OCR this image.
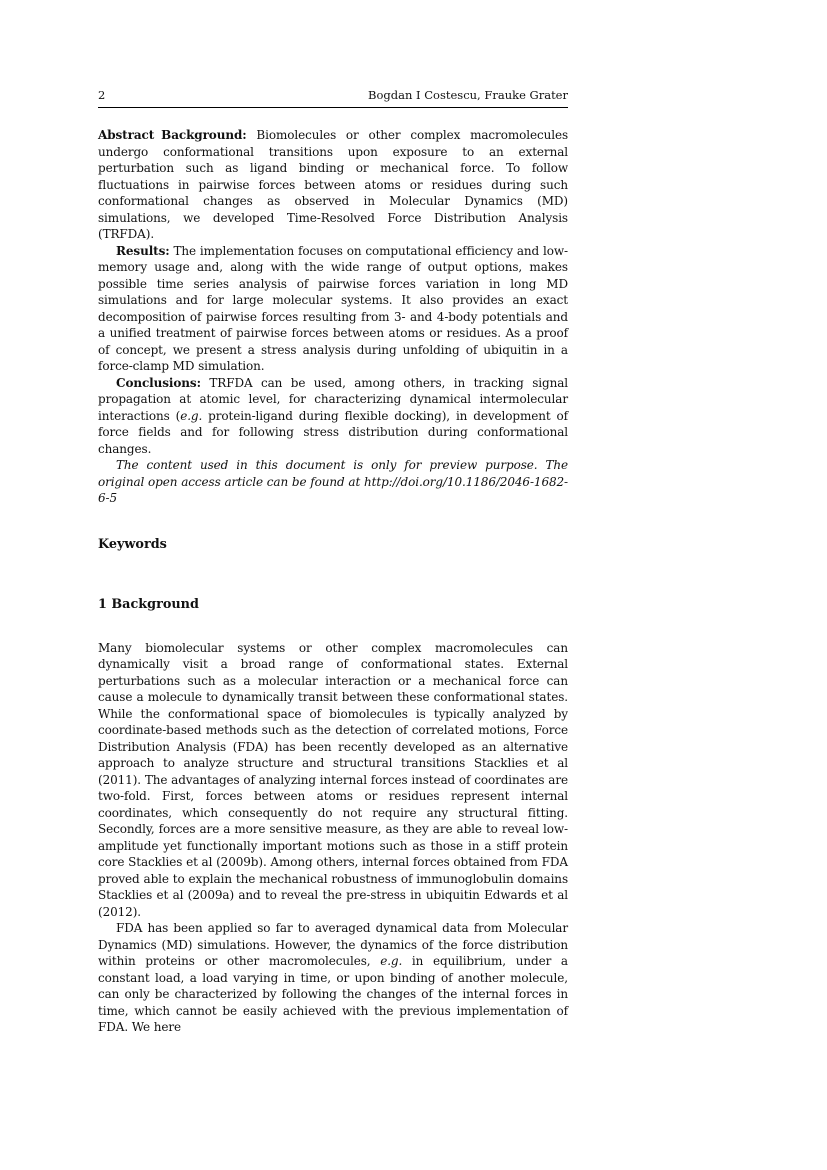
2	Bogdan I Costescu, Frauke Grater

Abstract Background: Biomolecules or other complex macromolecules undergo conformational transitions upon exposure to an external perturbation such as ligand binding or mechanical force. To follow fluctuations in pairwise forces between atoms or residues during such conformational changes as observed in Molecular Dynamics (MD) simulations, we developed Time-Resolved Force Distribution Analysis (TRFDA).

Results: The implementation focuses on computational efficiency and low-memory usage and, along with the wide range of output options, makes possible time series analysis of pairwise forces variation in long MD simulations and for large molecular systems. It also provides an exact decomposition of pairwise forces resulting from 3- and 4-body potentials and a unified treatment of pairwise forces between atoms or residues. As a proof of concept, we present a stress analysis during unfolding of ubiquitin in a force-clamp MD simulation.

Conclusions: TRFDA can be used, among others, in tracking signal propagation at atomic level, for characterizing dynamical intermolecular interactions (e.g. protein-ligand during flexible docking), in development of force fields and for following stress distribution during conformational changes.

The content used in this document is only for preview purpose. The original open access article can be found at http://doi.org/10.1186/2046-1682-6-5

Keywords
1 Background

Many biomolecular systems or other complex macromolecules can dynamically visit a broad range of conformational states. External perturbations such as a molecular interaction or a mechanical force can cause a molecule to dynamically transit between these conformational states. While the conformational space of biomolecules is typically analyzed by coordinate-based methods such as the detection of correlated motions, Force Distribution Analysis (FDA) has been recently developed as an alternative approach to analyze structure and structural transitions Stacklies et al (2011). The advantages of analyzing internal forces instead of coordinates are two-fold. First, forces between atoms or residues represent internal coordinates, which consequently do not require any structural fitting. Secondly, forces are a more sensitive measure, as they are able to reveal low-amplitude yet functionally important motions such as those in a stiff protein core Stacklies et al (2009b). Among others, internal forces obtained from FDA proved able to explain the mechanical robustness of immunoglobulin domains Stacklies et al (2009a) and to reveal the pre-stress in ubiquitin Edwards et al (2012).

FDA has been applied so far to averaged dynamical data from Molecular Dynamics (MD) simulations. However, the dynamics of the force distribution within proteins or other macromolecules, e.g. in equilibrium, under a constant load, a load varying in time, or upon binding of another molecule, can only be characterized by following the changes of the internal forces in time, which cannot be easily achieved with the previous implementation of FDA. We here
